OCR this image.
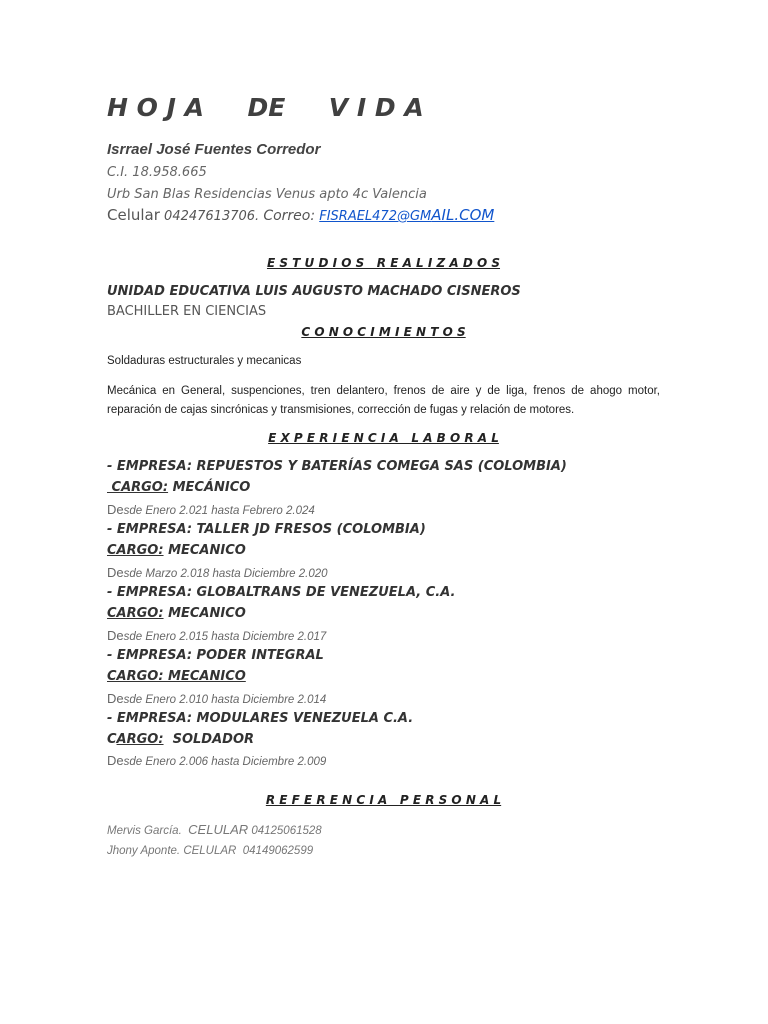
H O J A     DE     V I D A
Isrrael José Fuentes Corredor
C.I. 18.958.665
Urb San Blas Residencias Venus apto 4c Valencia
Celular 04247613706. Correo: FISRAEL472@GMAIL.COM
E S T U D I O S   R E A L I Z A D O S
UNIDAD EDUCATIVA LUIS AUGUSTO MACHADO CISNEROS
BACHILLER EN CIENCIAS
C O N O C I M I E N T O S
Soldaduras estructurales y mecanicas
Mecánica en General, suspenciones, tren delantero, frenos de aire y de liga, frenos de ahogo motor, reparación de cajas sincrónicas y transmisiones, corrección de fugas y relación de motores.
E X P E R I E N C I A   L A B O R A L
- EMPRESA: REPUESTOS Y BATERÍAS COMEGA SAS (COLOMBIA)
CARGO: MECÁNICO
Desde Enero 2.021 hasta Febrero 2.024
- EMPRESA: TALLER JD FRESOS (COLOMBIA)
CARGO: MECANICO
Desde Marzo 2.018 hasta Diciembre 2.020
- EMPRESA: GLOBALTRANS DE VENEZUELA, C.A.
CARGO: MECANICO
Desde Enero 2.015 hasta Diciembre 2.017
- EMPRESA: PODER INTEGRAL
CARGO: MECANICO
Desde Enero 2.010 hasta Diciembre 2.014
- EMPRESA: MODULARES VENEZUELA C.A.
CARGO:  SOLDADOR
Desde Enero 2.006 hasta Diciembre 2.009
R E F E R E N C I A   P E R S O N A L
Mervis García. CELULAR 04125061528
Jhony Aponte. CELULAR 04149062599
